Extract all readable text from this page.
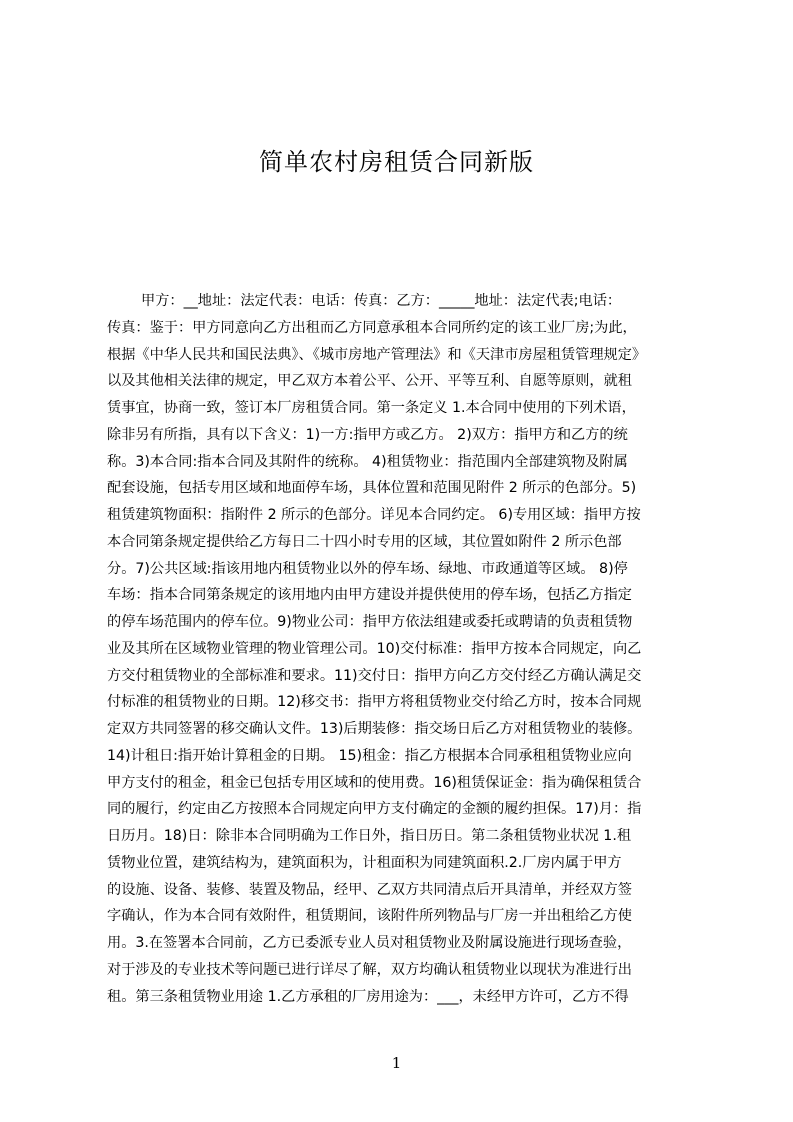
简单农村房租赁合同新版
甲方：__地址：法定代表：电话：传真：乙方：_____地址：法定代表;电话：
传真：鉴于：甲方同意向乙方出租而乙方同意承租本合同所约定的该工业厂房;为此，
根据《中华人民共和国民法典》、《城市房地产管理法》和《天津市房屋租赁管理规定》
以及其他相关法律的规定，甲乙双方本着公平、公开、平等互利、自愿等原则，就租
赁事宜，协商一致，签订本厂房租赁合同。第一条定义 1.本合同中使用的下列术语，
除非另有所指，具有以下含义：1)一方:指甲方或乙方。 2)双方：指甲方和乙方的统
称。3)本合同:指本合同及其附件的统称。 4)租赁物业：指范围内全部建筑物及附属
配套设施，包括专用区域和地面停车场，具体位置和范围见附件 2 所示的色部分。5)
租赁建筑物面积：指附件 2 所示的色部分。详见本合同约定。 6)专用区域：指甲方按
本合同第条规定提供给乙方每日二十四小时专用的区域，其位置如附件 2 所示色部
分。7)公共区域:指该用地内租赁物业以外的停车场、绿地、市政通道等区域。 8)停
车场：指本合同第条规定的该用地内由甲方建设并提供使用的停车场，包括乙方指定
的停车场范围内的停车位。9)物业公司：指甲方依法组建或委托或聘请的负责租赁物
业及其所在区域物业管理的物业管理公司。10)交付标准：指甲方按本合同规定，向乙
方交付租赁物业的全部标准和要求。11)交付日：指甲方向乙方交付经乙方确认满足交
付标准的租赁物业的日期。12)移交书：指甲方将租赁物业交付给乙方时，按本合同规
定双方共同签署的移交确认文件。13)后期装修：指交场日后乙方对租赁物业的装修。
14)计租日:指开始计算租金的日期。 15)租金：指乙方根据本合同承租租赁物业应向
甲方支付的租金，租金已包括专用区域和的使用费。16)租赁保证金：指为确保租赁合
同的履行，约定由乙方按照本合同规定向甲方支付确定的金额的履约担保。17)月：指
日历月。18)日：除非本合同明确为工作日外，指日历日。第二条租赁物业状况 1.租
赁物业位置，建筑结构为，建筑面积为，计租面积为同建筑面积.2.厂房内属于甲方
的设施、设备、装修、装置及物品，经甲、乙双方共同清点后开具清单，并经双方签
字确认，作为本合同有效附件，租赁期间，该附件所列物品与厂房一并出租给乙方使
用。3.在签署本合同前，乙方已委派专业人员对租赁物业及附属设施进行现场查验，
对于涉及的专业技术等问题已进行详尽了解，双方均确认租赁物业以现状为准进行出
租。第三条租赁物业用途 1.乙方承租的厂房用途为：___，未经甲方许可，乙方不得
1
